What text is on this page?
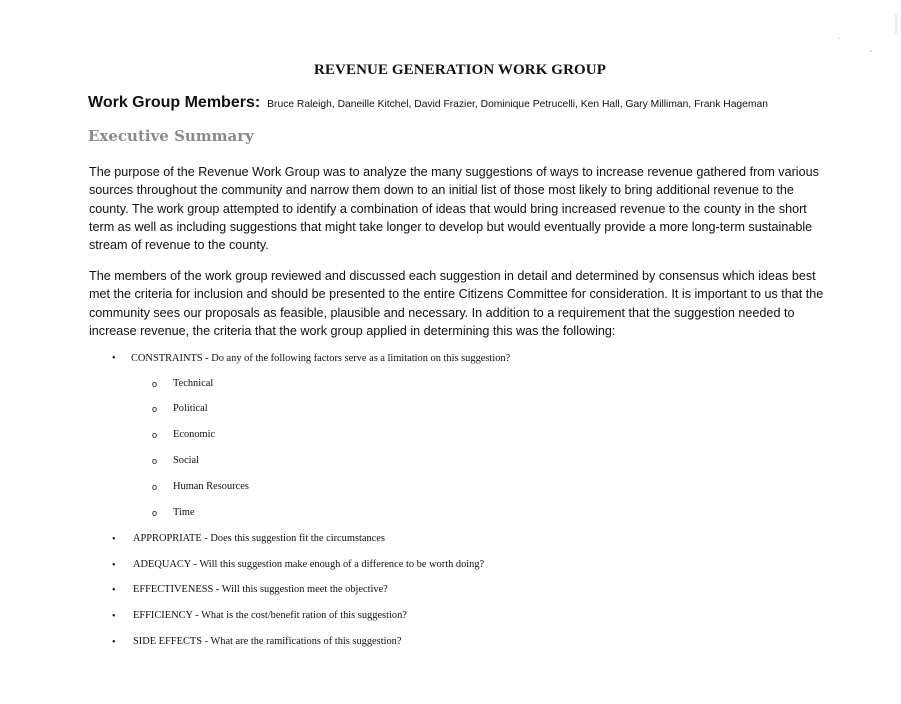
REVENUE GENERATION WORK GROUP
Work Group Members: Bruce Raleigh, Daneille Kitchel, David Frazier, Dominique Petrucelli, Ken Hall, Gary Milliman, Frank Hageman
Executive Summary

The purpose of the Revenue Work Group was to analyze the many suggestions of ways to increase revenue gathered from various sources throughout the community and narrow them down to an initial list of those most likely to bring additional revenue to the county. The work group attempted to identify a combination of ideas that would bring increased revenue to the county in the short term as well as including suggestions that might take longer to develop but would eventually provide a more long-term sustainable stream of revenue to the county.

The members of the work group reviewed and discussed each suggestion in detail and determined by consensus which ideas best met the criteria for inclusion and should be presented to the entire Citizens Committee for consideration. It is important to us that the community sees our proposals as feasible, plausible and necessary. In addition to a requirement that the suggestion needed to increase revenue, the criteria that the work group applied in determining this was the following:

• CONSTRAINTS - Do any of the following factors serve as a limitation on this suggestion?
o Technical
o Political
o Economic
o Social
o Human Resources
o Time
• APPROPRIATE - Does this suggestion fit the circumstances
• ADEQUACY - Will this suggestion make enough of a difference to be worth doing?
• EFFECTIVENESS - Will this suggestion meet the objective?
• EFFICIENCY - What is the cost/benefit ration of this suggestion?
• SIDE EFFECTS - What are the ramifications of this suggestion?
